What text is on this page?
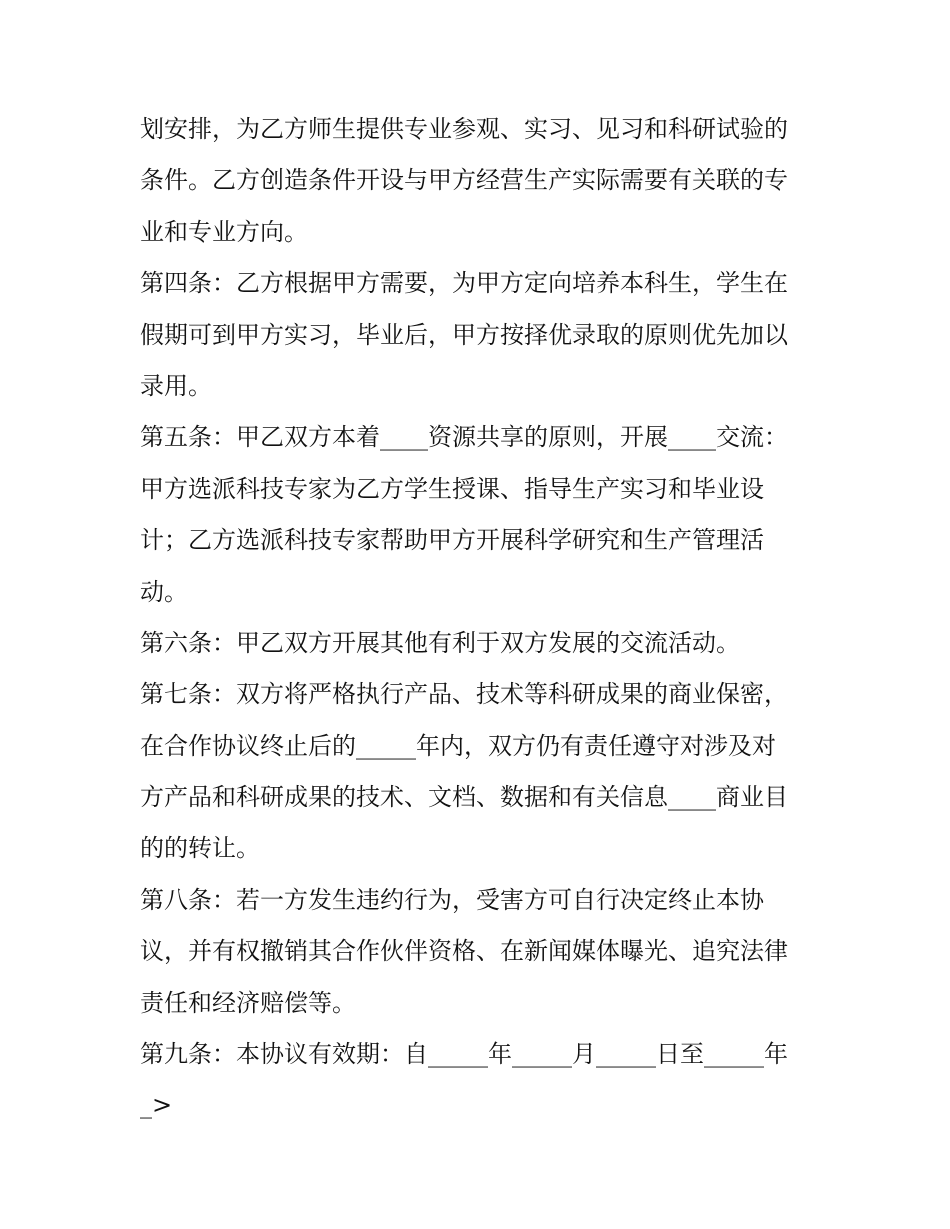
划安排，为乙方师生提供专业参观、实习、见习和科研试验的
条件。乙方创造条件开设与甲方经营生产实际需要有关联的专
业和专业方向。
第四条：乙方根据甲方需要，为甲方定向培养本科生，学生在
假期可到甲方实习，毕业后，甲方按择优录取的原则优先加以
录用。
第五条：甲乙双方本着____资源共享的原则，开展____交流：
甲方选派科技专家为乙方学生授课、指导生产实习和毕业设
计；乙方选派科技专家帮助甲方开展科学研究和生产管理活
动。
第六条：甲乙双方开展其他有利于双方发展的交流活动。
第七条：双方将严格执行产品、技术等科研成果的商业保密，
在合作协议终止后的_____年内，双方仍有责任遵守对涉及对
方产品和科研成果的技术、文档、数据和有关信息____商业目
的的转让。
第八条：若一方发生违约行为，受害方可自行决定终止本协
议，并有权撤销其合作伙伴资格、在新闻媒体曝光、追究法律
责任和经济赔偿等。
第九条：本协议有效期：自_____年_____月_____日至_____年
_>
